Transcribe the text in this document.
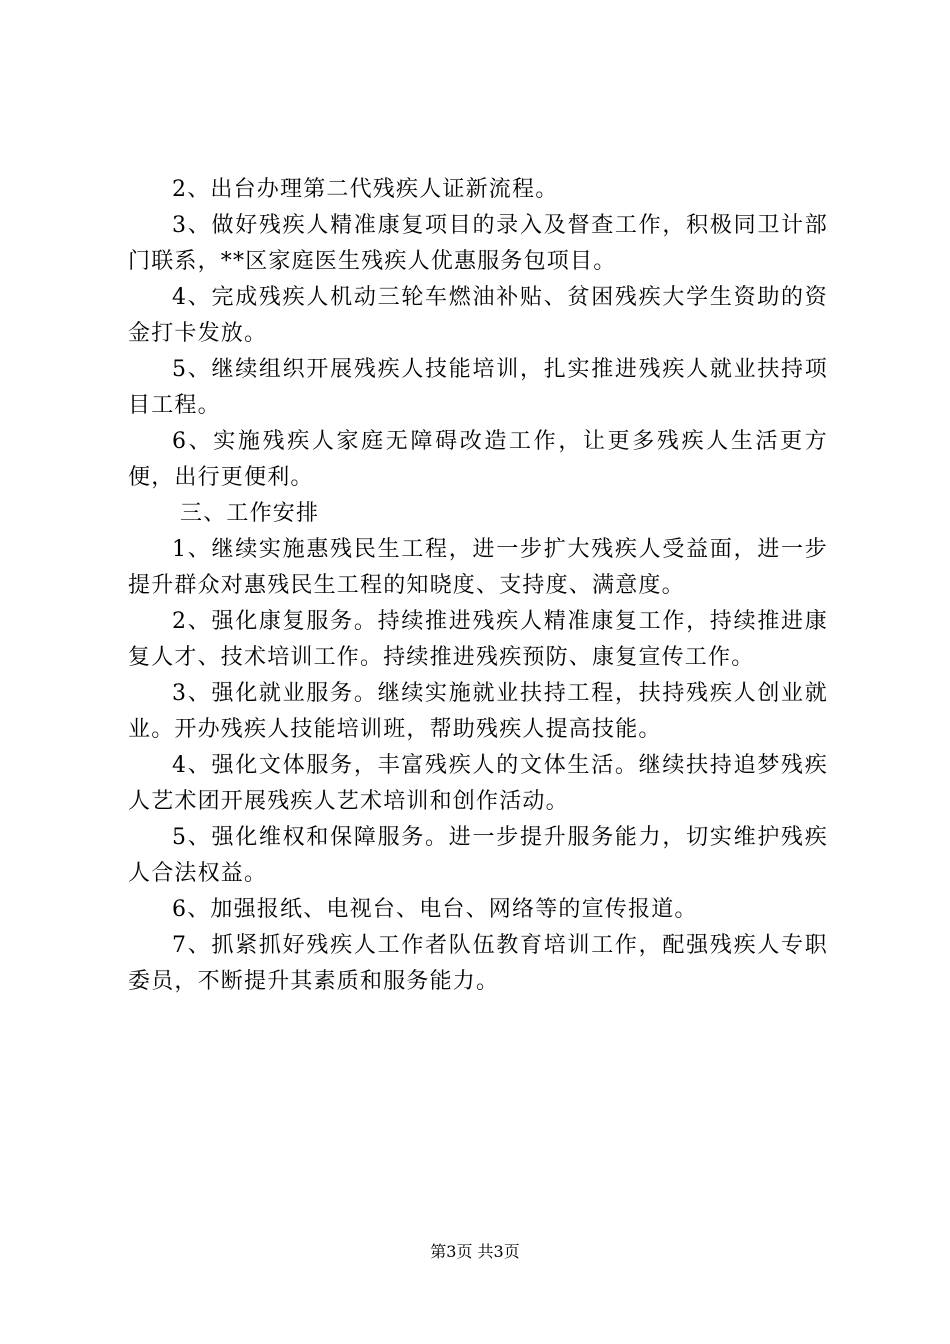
2、出台办理第二代残疾人证新流程。

3、做好残疾人精准康复项目的录入及督查工作，积极同卫计部门联系，**区家庭医生残疾人优惠服务包项目。

4、完成残疾人机动三轮车燃油补贴、贫困残疾大学生资助的资金打卡发放。

5、继续组织开展残疾人技能培训，扎实推进残疾人就业扶持项目工程。

6、实施残疾人家庭无障碍改造工作，让更多残疾人生活更方便，出行更便利。

三、工作安排

1、继续实施惠残民生工程，进一步扩大残疾人受益面，进一步提升群众对惠残民生工程的知晓度、支持度、满意度。

2、强化康复服务。持续推进残疾人精准康复工作，持续推进康复人才、技术培训工作。持续推进残疾预防、康复宣传工作。

3、强化就业服务。继续实施就业扶持工程，扶持残疾人创业就业。开办残疾人技能培训班，帮助残疾人提高技能。

4、强化文体服务，丰富残疾人的文体生活。继续扶持追梦残疾人艺术团开展残疾人艺术培训和创作活动。

5、强化维权和保障服务。进一步提升服务能力，切实维护残疾人合法权益。

6、加强报纸、电视台、电台、网络等的宣传报道。

7、抓紧抓好残疾人工作者队伍教育培训工作，配强残疾人专职委员，不断提升其素质和服务能力。

第3页 共3页
